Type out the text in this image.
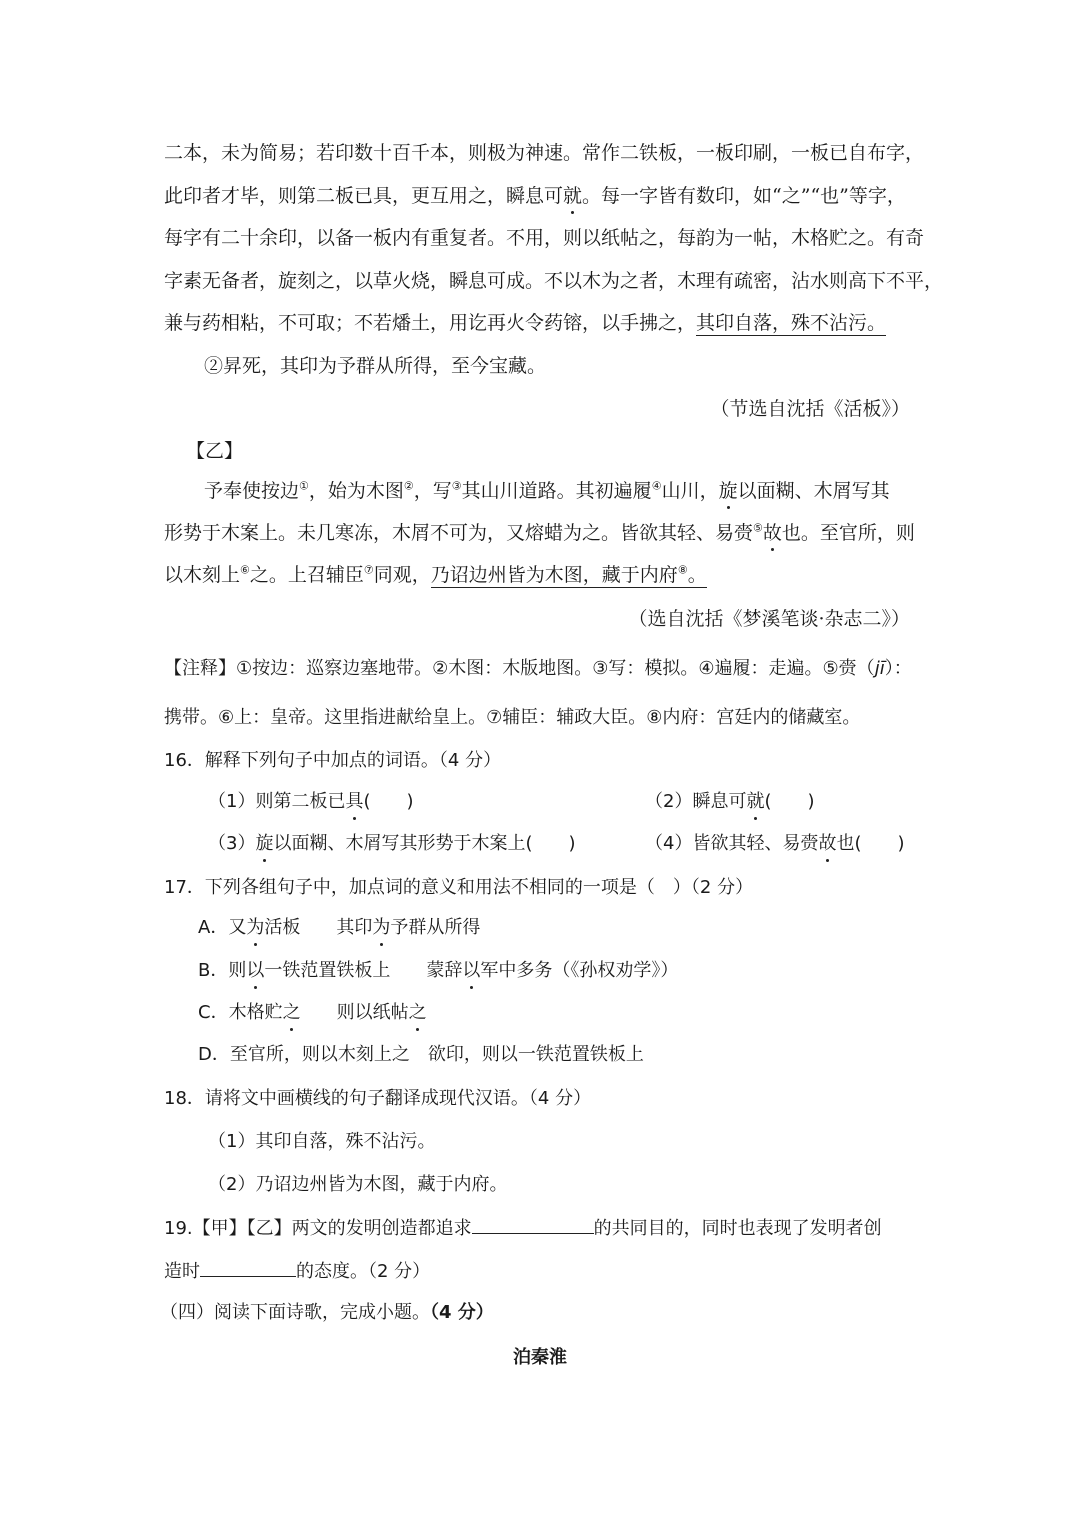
二本，未为简易；若印数十百千本，则极为神速。常作二铁板，一板印刷，一板已自布字，
此印者才毕，则第二板已具，更互用之，瞬息可就。每一字皆有数印，如“之”“也”等字，
每字有二十余印，以备一板内有重复者。不用，则以纸帖之，每韵为一帖，木格贮之。有奇
字素无备者，旋刻之，以草火烧，瞬息可成。不以木为之者，木理有疏密，沾水则高下不平，
兼与药相粘，不可取；不若燔土，用讫再火令药镕，以手拂之，其印自落，殊不沾污。
②昇死，其印为予群从所得，至今宝藏。
（节选自沈括《活板》）
【乙】
予奉使按边①，始为木图②，写③其山川道路。其初遍履④山川，旋以面糊、木屑写其
形势于木案上。未几寒冻，木屑不可为，又熔蜡为之。皆欲其轻、易赍⑤故也。至官所，则
以木刻上⑥之。上召辅臣⑦同观，乃诏边州皆为木图，藏于内府⑧。
（选自沈括《梦溪笔谈·杂志二》）
【注释】①按边：巡察边塞地带。②木图：木版地图。③写：模拟。④遍履：走遍。⑤赍（jī）：
携带。⑥上：皇帝。这里指进献给皇上。⑦辅臣：辅政大臣。⑧内府：宫廷内的储藏室。
16．解释下列句子中加点的词语。（4 分）
（1）则第二板已具(　　)	（2）瞬息可就(　　)
（3）旋以面糊、木屑写其形势于木案上(　　)	（4）皆欲其轻、易赍故也(　　)
17．下列各组句子中，加点词的意义和用法不相同的一项是（　）（2 分）
A．又为活板　　其印为予群从所得
B．则以一铁范置铁板上　　蒙辞以军中多务（《孙权劝学》）
C．木格贮之　　则以纸帖之
D．至官所，则以木刻上之　欲印，则以一铁范置铁板上
18．请将文中画横线的句子翻译成现代汉语。（4 分）
（1）其印自落，殊不沾污。
（2）乃诏边州皆为木图，藏于内府。
19.【甲】【乙】两文的发明创造都追求	的共同目的，同时也表现了发明者创
造时	的态度。（2 分）
（四）阅读下面诗歌，完成小题。（4 分）
泊秦淮
